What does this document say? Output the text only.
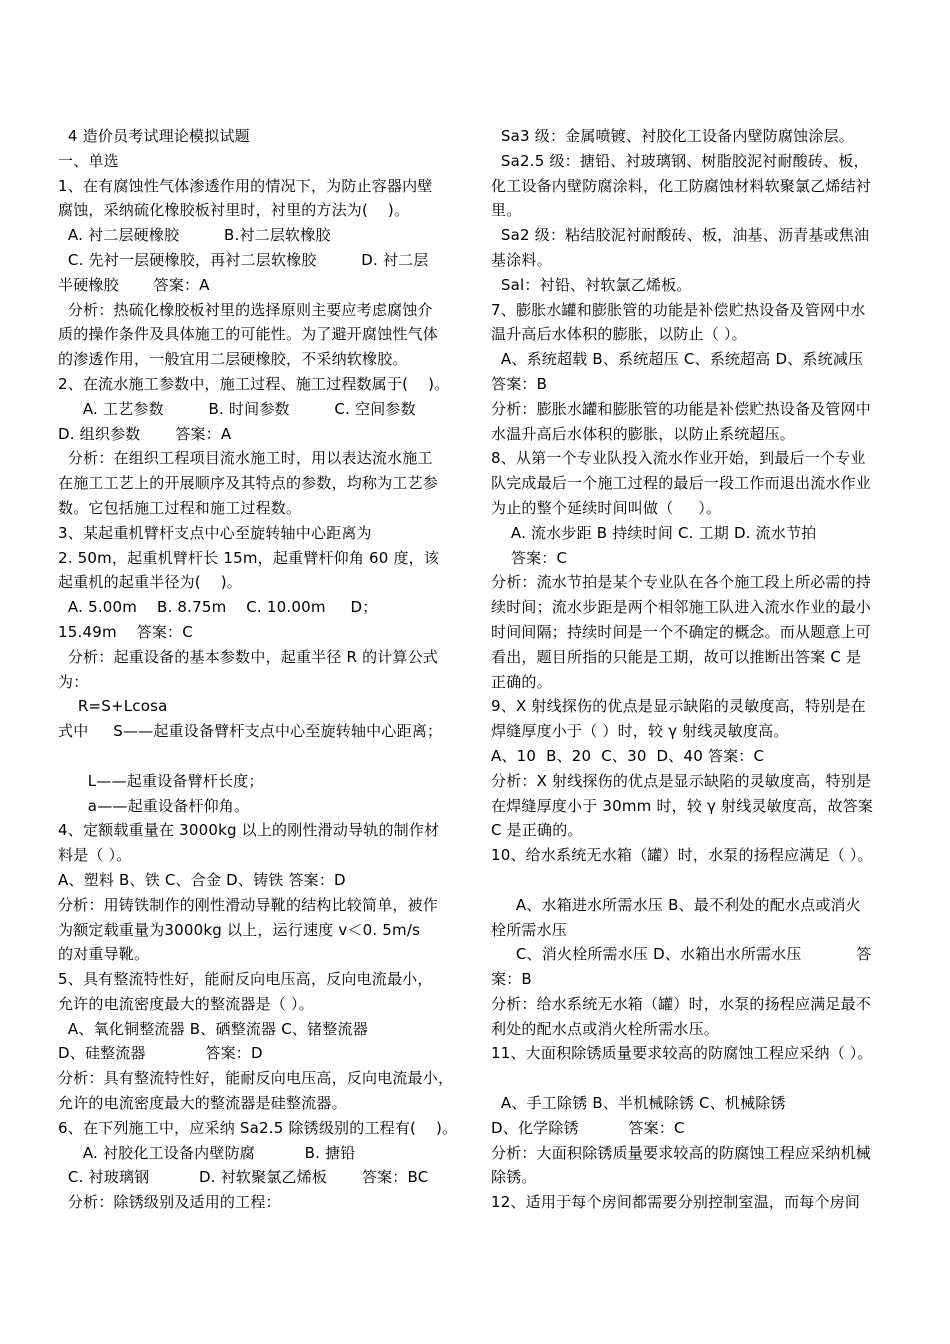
4 造价员考试理论模拟试题
一、单选
1、在有腐蚀性气体渗透作用的情况下，为防止容器内壁
腐蚀，采纳硫化橡胶板衬里时，衬里的方法为(    )。
A. 衬二层硬橡胶         B.衬二层软橡胶
C. 先衬一层硬橡胶，再衬二层软橡胶         D. 衬二层
半硬橡胶       答案：A
分析：热硫化橡胶板衬里的选择原则主要应考虑腐蚀介
质的操作条件及具体施工的可能性。为了避开腐蚀性气体
的渗透作用，一般宜用二层硬橡胶，不采纳软橡胶。
2、在流水施工参数中，施工过程、施工过程数属于(    )。
A. 工艺参数         B. 时间参数         C. 空间参数
D. 组织参数       答案：A
分析：在组织工程项目流水施工时，用以表达流水施工
在施工工艺上的开展顺序及其特点的参数，均称为工艺参
数。它包括施工过程和施工过程数。
3、某起重机臂杆支点中心至旋转轴中心距离为
2. 50m，起重机臂杆长 15m，起重臂杆仰角 60 度，该
起重机的起重半径为(    )。
A. 5.00m    B. 8.75m    C. 10.00m     D；
15.49m    答案：C
分析：起重设备的基本参数中，起重半径 R 的计算公式
为：
R=S+Lcosa
式中     S——起重设备臂杆支点中心至旋转轴中心距离；
L——起重设备臂杆长度；
a——起重设备杆仰角。
4、定额载重量在 3000kg 以上的刚性滑动导轨的制作材
料是（ ）。
A、塑料 B、铁 C、合金 D、铸铁 答案：D
分析：用铸铁制作的刚性滑动导靴的结构比较简单，被作
为额定载重量为3000kg 以上，运行速度 v＜0. 5m/s
的对重导靴。
5、具有整流特性好，能耐反向电压高，反向电流最小，
允许的电流密度最大的整流器是（ ）。
A、氧化铜整流器 B、硒整流器 C、锗整流器
D、硅整流器            答案：D
分析：具有整流特性好，能耐反向电压高，反向电流最小，
允许的电流密度最大的整流器是硅整流器。
6、在下列施工中，应采纳 Sa2.5 除锈级别的工程有(    )。
A. 衬胶化工设备内壁防腐          B. 搪铅
C. 衬玻璃钢          D. 衬软聚氯乙烯板       答案：BC
分析：除锈级别及适用的工程：
Sa3 级：金属喷镀、衬胶化工设备内壁防腐蚀涂层。
Sa2.5 级：搪铅、衬玻璃钢、树脂胶泥衬耐酸砖、板，
化工设备内壁防腐涂料，化工防腐蚀材料软聚氯乙烯结衬
里。
Sa2 级：粘结胶泥衬耐酸砖、板，油基、沥青基或焦油
基涂料。
Sal：衬铅、衬软氯乙烯板。
7、膨胀水罐和膨胀管的功能是补偿贮热设备及管网中水
温升高后水体积的膨胀，以防止（ ）。
A、系统超载 B、系统超压 C、系统超高 D、系统减压
答案：B
分析：膨胀水罐和膨胀管的功能是补偿贮热设备及管网中
水温升高后水体积的膨胀，以防止系统超压。
8、从第一个专业队投入流水作业开始，到最后一个专业
队完成最后一个施工过程的最后一段工作而退出流水作业
为止的整个延续时间叫做（     ）。
A. 流水步距 B 持续时间 C. 工期 D. 流水节拍
答案：C
分析：流水节拍是某个专业队在各个施工段上所必需的持
续时间；流水步距是两个相邻施工队进入流水作业的最小
时间间隔；持续时间是一个不确定的概念。而从题意上可
看出，题目所指的只能是工期，故可以推断出答案 C 是
正确的。
9、X 射线探伤的优点是显示缺陷的灵敏度高，特别是在
焊缝厚度小于（ ）时，较 γ 射线灵敏度高。
A、10  B、20  C、30  D、40 答案：C
分析：X 射线探伤的优点是显示缺陷的灵敏度高，特别是
在焊缝厚度小于 30mm 时，较 γ 射线灵敏度高，故答案
C 是正确的。
10、给水系统无水箱（罐）时，水泵的扬程应满足（ ）。
A、水箱进水所需水压 B、最不利处的配水点或消火
栓所需水压
C、消火栓所需水压 D、水箱出水所需水压           答
案：B
分析：给水系统无水箱（罐）时，水泵的扬程应满足最不
利处的配水点或消火栓所需水压。
11、大面积除锈质量要求较高的防腐蚀工程应采纳（ ）。
A、手工除锈 B、半机械除锈 C、机械除锈
D、化学除锈          答案：C
分析：大面积除锈质量要求较高的防腐蚀工程应采纳机械
除锈。
12、适用于每个房间都需要分别控制室温，而每个房间
